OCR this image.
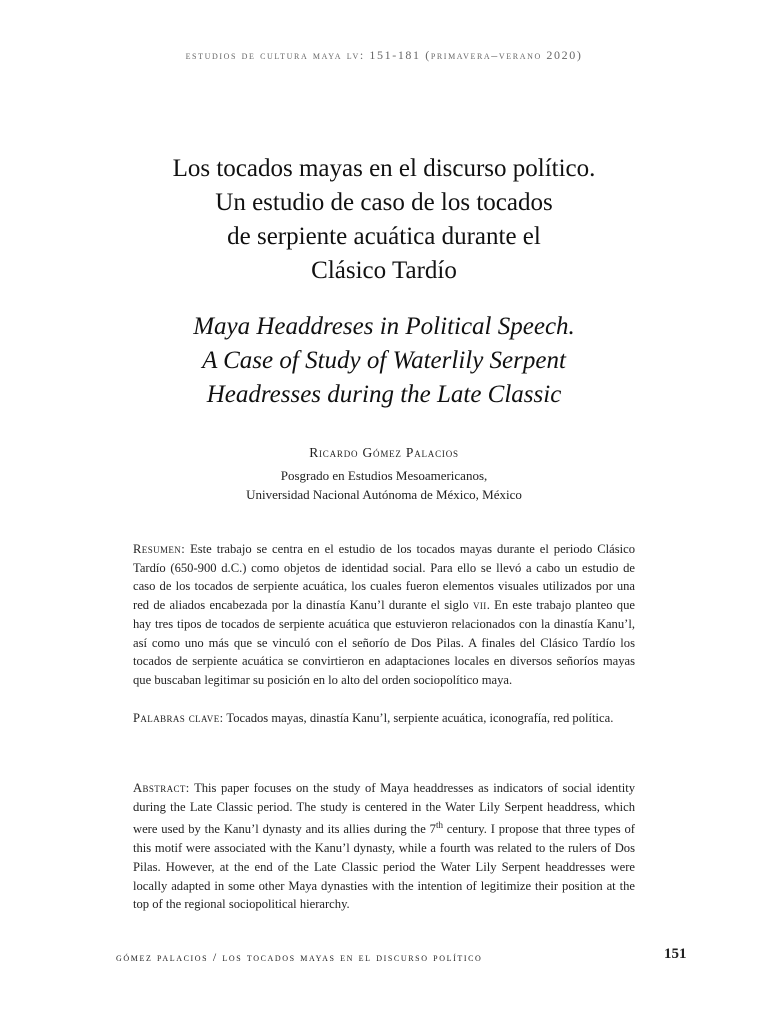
estudios de cultura maya lv: 151-181 (primavera–verano 2020)
Los tocados mayas en el discurso político.
Un estudio de caso de los tocados
de serpiente acuática durante el
Clásico Tardío
Maya Headdreses in Political Speech.
A Case of Study of Waterlily Serpent
Headresses during the Late Classic
Ricardo Gómez Palacios
Posgrado en Estudios Mesoamericanos,
Universidad Nacional Autónoma de México, México
Resumen: Este trabajo se centra en el estudio de los tocados mayas durante el periodo Clásico Tardío (650-900 d.C.) como objetos de identidad social. Para ello se llevó a cabo un estudio de caso de los tocados de serpiente acuática, los cuales fueron elementos visuales utilizados por una red de aliados encabezada por la dinastía Kanu’l durante el siglo vii. En este trabajo planteo que hay tres tipos de tocados de serpiente acuática que estuvieron relacionados con la dinastía Kanu’l, así como uno más que se vinculó con el señorío de Dos Pilas. A finales del Clásico Tardío los tocados de serpiente acuática se convirtieron en adaptaciones locales en diversos señoríos mayas que buscaban legitimar su posición en lo alto del orden sociopolítico maya.
Palabras clave: Tocados mayas, dinastía Kanu’l, serpiente acuática, iconografía, red política.
Abstract: This paper focuses on the study of Maya headdresses as indicators of social identity during the Late Classic period. The study is centered in the Water Lily Serpent headdress, which were used by the Kanu’l dynasty and its allies during the 7th century. I propose that three types of this motif were associated with the Kanu’l dynasty, while a fourth was related to the rulers of Dos Pilas. However, at the end of the Late Classic period the Water Lily Serpent headdresses were locally adapted in some other Maya dynasties with the intention of legitimize their position at the top of the regional sociopolitical hierarchy.
gómez palacios / los tocados mayas en el discurso político	151
